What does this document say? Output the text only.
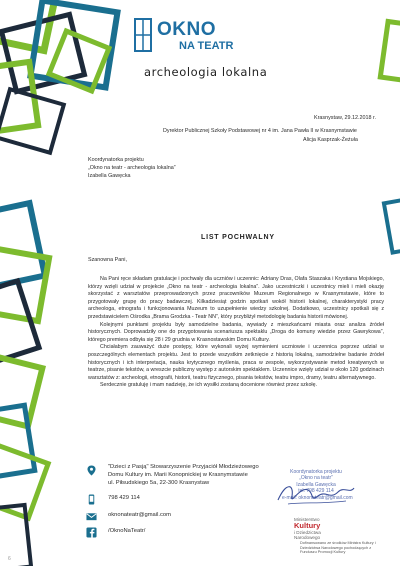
OKNO
NA TEATR
archeologia lokalna
Krasnystaw, 29.12.2018 r.
Dyrektor Publicznej Szkoły Podstawowej nr 4 im. Jana Pawła II w Krasnymstawie
Alicja Kasprzak-Żeżuła
Koordynatorka projektu
„Okno na teatr - archeologia lokalna”
Izabella Gawęcka
LIST POCHWALNY
Szanowna Pani,

Na Pani ręce składam gratulacje i pochwały dla uczniów i uczennic: Adriany Dras, Olafa Staszaka i Krystiana Mojskiego, którzy wzięli udział w projekcie „Okno na teatr - archeologia lokalna”. Jako uczestniczki i uczestnicy mieli i mieli okazję skorzystać z warsztatów przeprowadzonych przez pracowników Muzeum Regionalnego w Krasnymstawie, które to przygotowały grupę do pracy badawczej. Kilkadziesiąt godzin spotkań wokół historii lokalnej, charakterystyki pracy archeologa, etnografa i funkcjonowania Muzeum to uzupełnienie wiedzy szkolnej. Dodatkowo, uczestnicy spotkali się z przedstawicielem Ośrodka „Brama Grodzka - Teatr NN”, który przybliżył metodologię badania historii mówionej.

Kolejnymi punktami projektu były samodzielne badania, wywiady z mieszkańcami miasta oraz analiza źródeł historycznych. Doprowadziły one do przygotowania scenariusza spektaklu „Droga do komuny wiedzie przez Gawrykowa”, którego premiera odbyła się 28 i 29 grudnia w Krasnostawskim Domu Kultury.

Chciałabym zauważyć duże postępy, które wykonali wyżej wymienieni uczniowie i uczennica poprzez udział w poszczególnych elementach projektu. Jest to przede wszystkim zetknięcie z historią lokalną, samodzielne badanie źródeł historycznych i ich interpretacja, nauka krytycznego myślenia, praca w zespole, wykorzystywanie metod kreatywnych w teatrze, pisanie tekstów, a wreszcie publiczny występ z autorskim spektaklem. Uczennice wzięły udział w około 120 godzinach warsztatów z: archeologii, etnografii, historii, teatru fizycznego, pisania tekstów, teatru impro, dramy, teatru alternatywnego.

Serdecznie gratuluję i mam nadzieję, że ich wysiłki zostaną docenione również przez szkołę.

"Dzieci z Pasją" Stowarzyszenie Przyjaciół Młodzieżowego
Domu Kultury im. Marii Konopnickiej w Krasnymstawie
ul. Piłsudskiego 5a, 22-300 Krasnystaw
798 429 114
oknonateatr@gmail.com
/OknoNaTeatr/
Koordynatorka projektu
„Okno na teatr”
Izabella Gawęcka
tel. 798 429 114
e-mail: oknonateatr@gmail.com
Ministerstwo
Kultury
i Dziedzictwa
Narodowego
Dofinansowano ze środków Ministra Kultury i Dziedzictwa Narodowego pochodzących z Funduszu Promocji Kultury
6
